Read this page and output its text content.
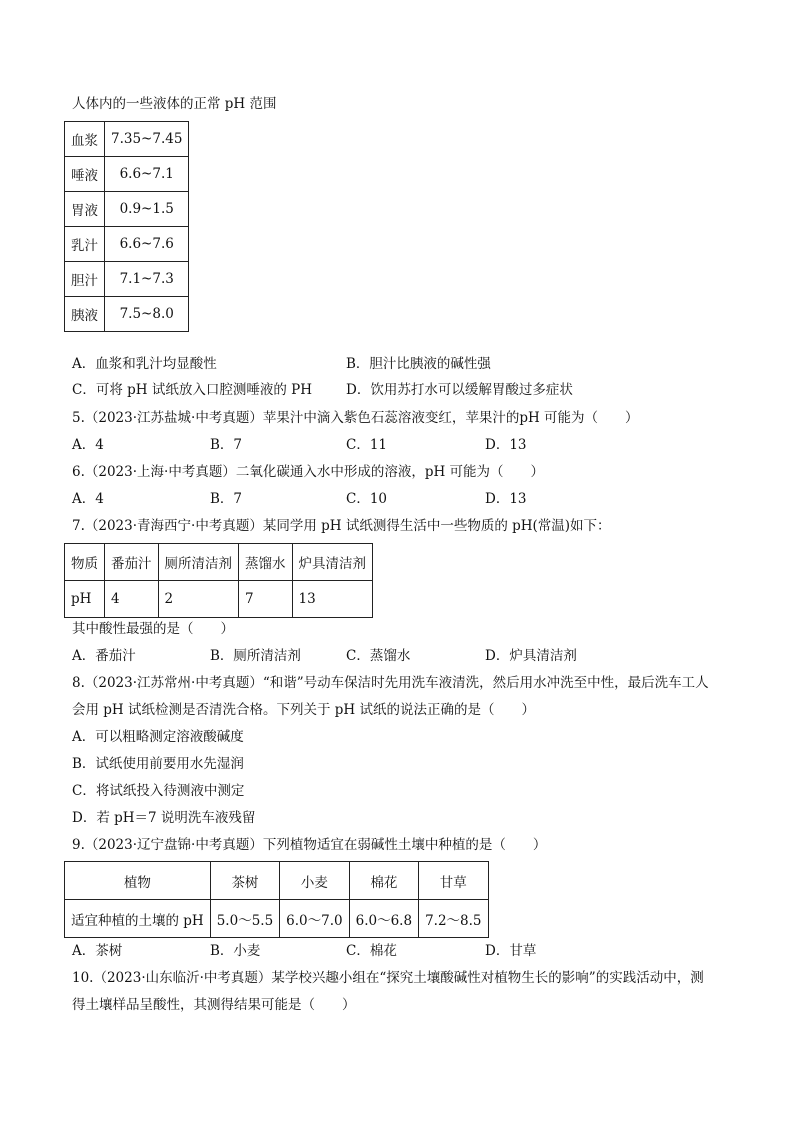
人体内的一些液体的正常 pH 范围
血浆	7.35~7.45
唾液	6.6~7.1
胃液	0.9~1.5
乳汁	6.6~7.6
胆汁	7.1~7.3
胰液	7.5~8.0
A．血浆和乳汁均显酸性	B．胆汁比胰液的碱性强
C．可将 pH 试纸放入口腔测唾液的 PH	D．饮用苏打水可以缓解胃酸过多症状
5.（2023·江苏盐城·中考真题）苹果汁中滴入紫色石蕊溶液变红，苹果汁的pH 可能为（　　）
A．4	B．7	C．11	D．13
6.（2023·上海·中考真题）二氧化碳通入水中形成的溶液，pH 可能为（　　）
A．4	B．7	C．10	D．13
7.（2023·青海西宁·中考真题）某同学用 pH 试纸测得生活中一些物质的 pH(常温)如下：
物质	番茄汁	厕所清洁剂	蒸馏水	炉具清洁剂
pH	4	2	7	13
其中酸性最强的是（　　）
A．番茄汁	B．厕所清洁剂	C．蒸馏水	D．炉具清洁剂
8.（2023·江苏常州·中考真题）“和谐”号动车保洁时先用洗车液清洗，然后用水冲洗至中性，最后洗车工人
会用 pH 试纸检测是否清洗合格。下列关于 pH 试纸的说法正确的是（　　）
A．可以粗略测定溶液酸碱度
B．试纸使用前要用水先湿润
C．将试纸投入待测液中测定
D．若 pH＝7 说明洗车液残留
9.（2023·辽宁盘锦·中考真题）下列植物适宜在弱碱性土壤中种植的是（　　）
植物	茶树	小麦	棉花	甘草
适宜种植的土壤的 pH	5.0～5.5	6.0～7.0	6.0～6.8	7.2～8.5
A．茶树	B．小麦	C．棉花	D．甘草
10.（2023·山东临沂·中考真题）某学校兴趣小组在“探究土壤酸碱性对植物生长的影响”的实践活动中，测
得土壤样品呈酸性，其测得结果可能是（　　）
